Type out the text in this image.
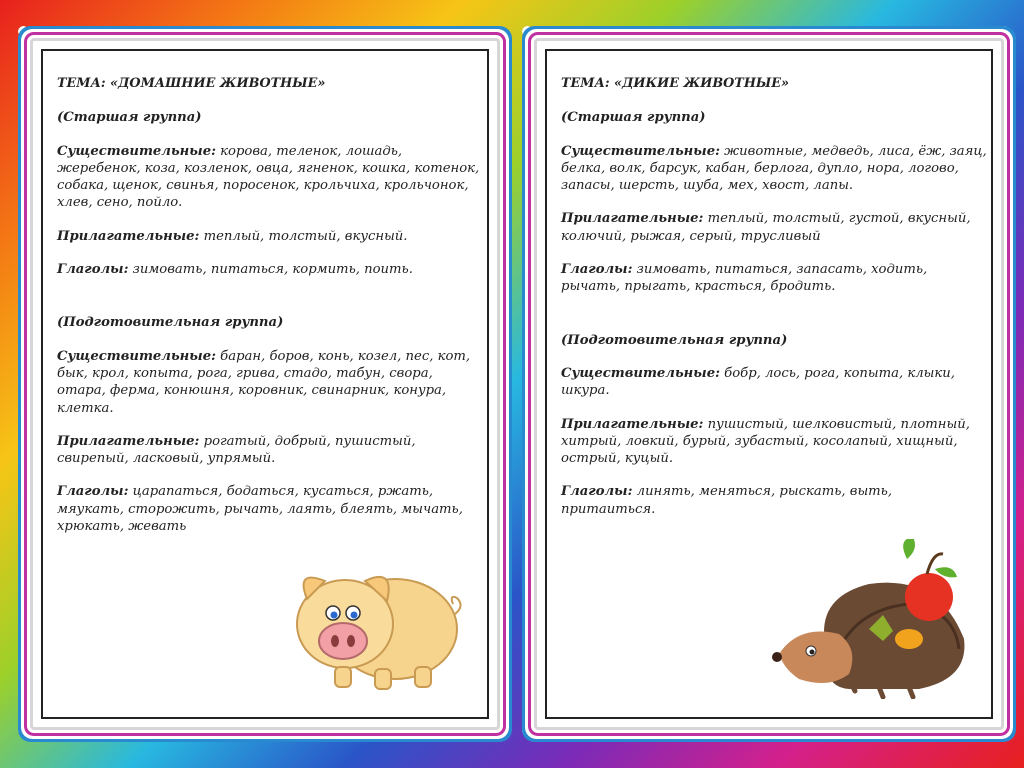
ТЕМА: «ДОМАШНИЕ ЖИВОТНЫЕ»

(Старшая группа)

Существительные: корова, теленок, лошадь, жеребенок, коза, козленок, овца, ягненок, кошка, котенок, собака, щенок, свинья, поросенок, крольчиха, крольчонок, хлев, сено, пойло.

Прилагательные: теплый, толстый, вкусный.

Глаголы: зимовать, питаться, кормить, поить.

(Подготовительная группа)

Существительные: баран, боров, конь, козел, пес, кот, бык, крол, копыта, рога, грива, стадо, табун, свора, отара, ферма, конюшня, коровник, свинарник, конура, клетка.

Прилагательные: рогатый, добрый, пушистый, свирепый, ласковый, упрямый.

Глаголы: царапаться, бодаться, кусаться, ржать, мяукать, сторожить, рычать, лаять, блеять, мычать, хрюкать, жевать

ТЕМА: «ДИКИЕ ЖИВОТНЫЕ»

(Старшая группа)

Существительные: животные, медведь, лиса, ёж, заяц, белка, волк, барсук, кабан, берлога, дупло, нора, логово, запасы, шерсть, шуба, мех, хвост, лапы.

Прилагательные: теплый, толстый, густой, вкусный, колючий, рыжая, серый, трусливый

Глаголы: зимовать, питаться, запасать, ходить, рычать, прыгать, красться, бродить.

(Подготовительная группа)

Существительные: бобр, лось, рога, копыта, клыки, шкура.

Прилагательные: пушистый, шелковистый, плотный, хитрый, ловкий, бурый, зубастый, косолапый, хищный, острый, куцый.

Глаголы: линять, меняться, рыскать, выть, притаиться.
